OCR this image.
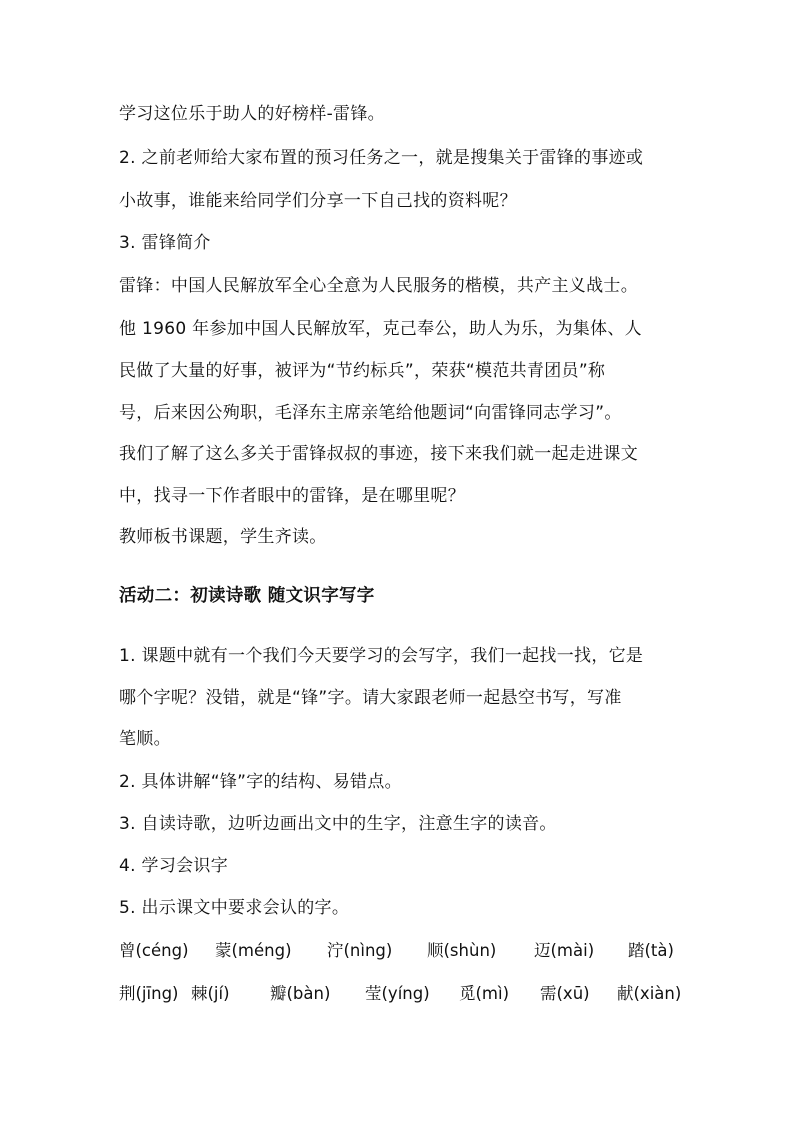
学习这位乐于助人的好榜样-雷锋。
2. 之前老师给大家布置的预习任务之一，就是搜集关于雷锋的事迹或
小故事，谁能来给同学们分享一下自己找的资料呢？
3. 雷锋简介
雷锋：中国人民解放军全心全意为人民服务的楷模，共产主义战士。
他 1960 年参加中国人民解放军，克己奉公，助人为乐，为集体、人
民做了大量的好事，被评为“节约标兵”，荣获“模范共青团员”称
号，后来因公殉职，毛泽东主席亲笔给他题词“向雷锋同志学习”。
我们了解了这么多关于雷锋叔叔的事迹，接下来我们就一起走进课文
中，找寻一下作者眼中的雷锋，是在哪里呢？
教师板书课题，学生齐读。
活动二：初读诗歌 随文识字写字
1. 课题中就有一个我们今天要学习的会写字，我们一起找一找，它是
哪个字呢？没错，就是“锋”字。请大家跟老师一起悬空书写，写准
笔顺。
2. 具体讲解“锋”字的结构、易错点。
3. 自读诗歌，边听边画出文中的生字，注意生字的读音。
4. 学习会识字
5. 出示课文中要求会认的字。
曾(céng) 蒙(méng) 泞(nìng) 顺(shùn) 迈(mài) 踏(tà)
荆(jīng) 棘(jí) 瓣(bàn) 莹(yíng) 觅(mì) 需(xū) 献(xiàn)
